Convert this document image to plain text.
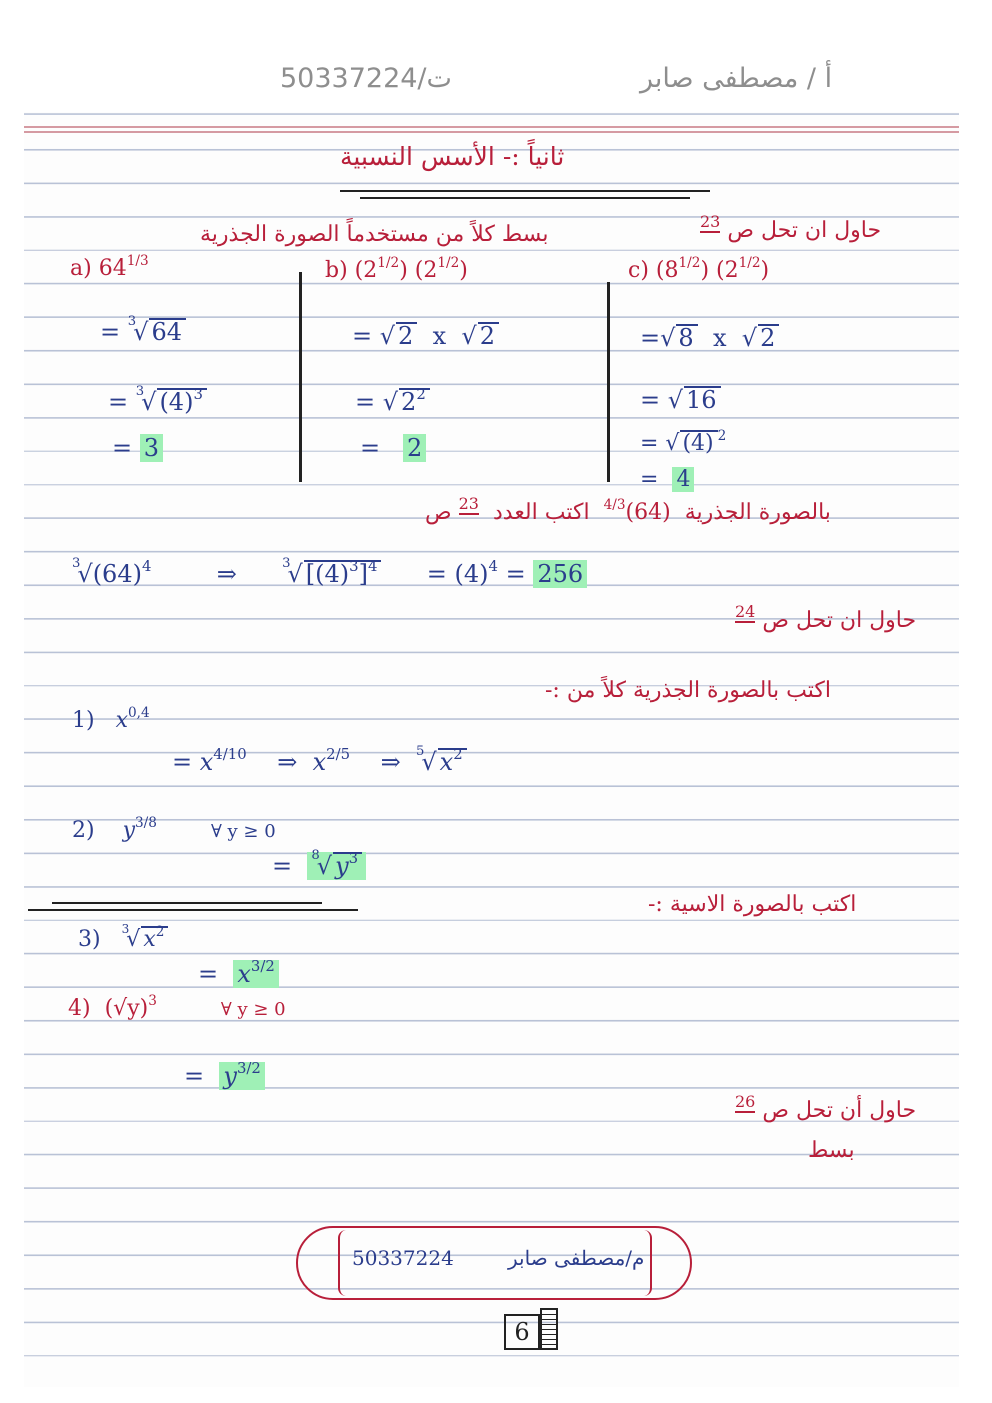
50337224/ت	أ / مصطفى صابر
ثانياً :- الأسس النسبية
$^{23}$ حاول ان تحل ص
بسط كلاً من مستخدماً الصورة الجذرية
a) $64^{1/3}$
= $^3$√ 64
= $^3$√ $(4)^3$
= 3
b) $(2^{1/2})$ $(2^{1/2})$
= √ 2 x  √ 2
= √ $2^2$
= 2
c) $(8^{1/2})$ $(2^{1/2})$
=√ 8 x  √ 2
= √ 16
= √ (4) $^2$
= 4
بالصورة الجذرية  $(64)^{4/3}$  اكتب العدد  $^{23}$ ص
$^3√(64)^4$	⇒	$^3$√ $[(4)^3]^4 = (4)^4 = 256$
$^{24}$ حاول ان تحل ص
اكتب بالصورة الجذرية كلاً من :-
1) $x^{0,4}$
= $x^{4/10}$ ⇒ $x^{2/5}$ ⇒ $^5$√ $x^2$
2) $y^{3/8}$	∀ y ≥ 0
= $^8$√ $y^3$
اكتب بالصورة الاسية :-
3) $^3$√ $x^2$
= $x^{3/2}$
4) $(√y)^3$	∀ y ≥ 0
= $y^{3/2}$
$^{26}$ حاول أن تحل ص
بسط
50337224	م/مصطفى صابر
6
